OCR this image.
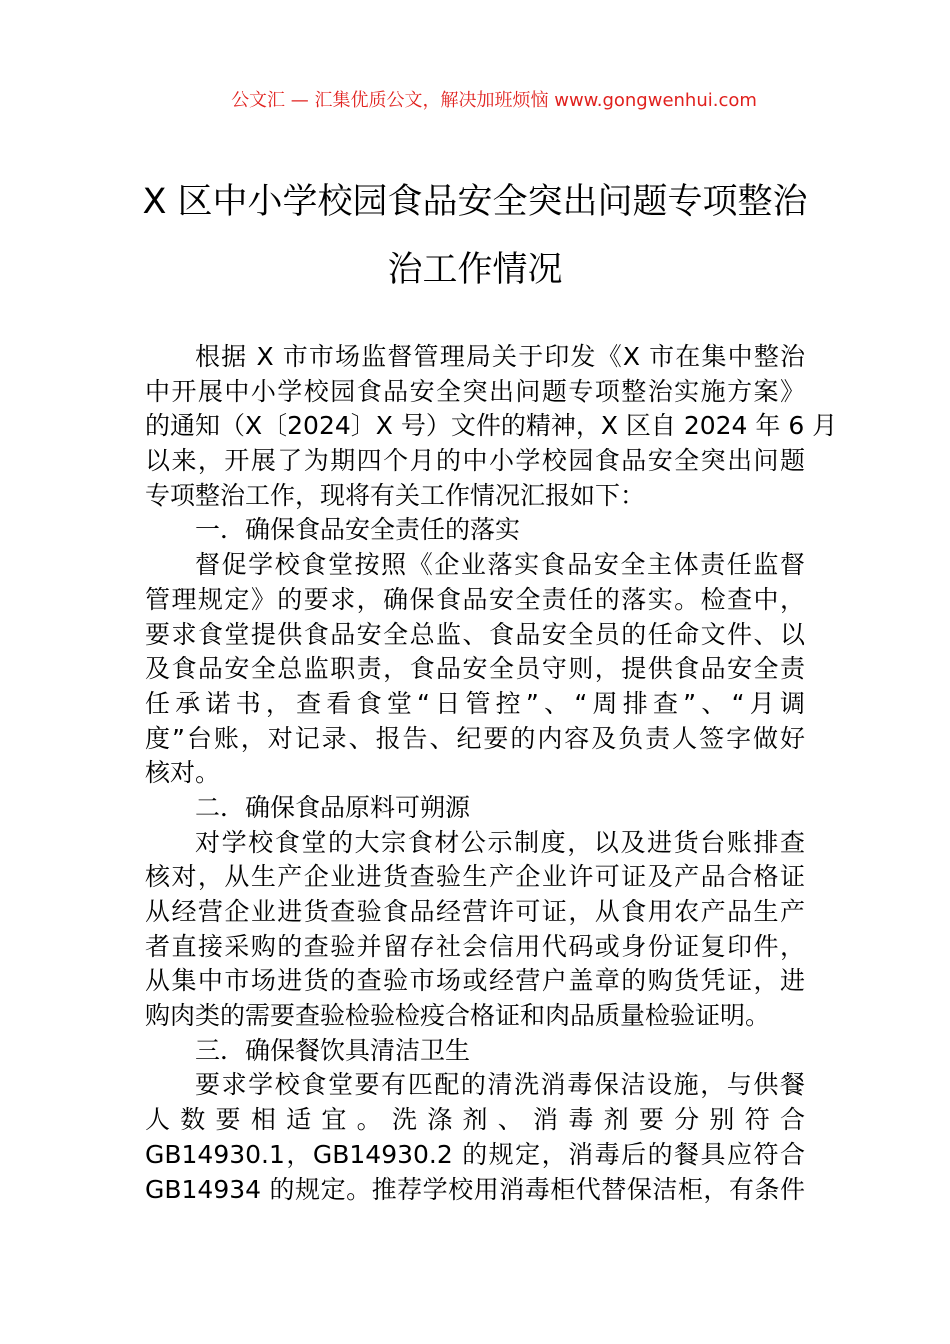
公文汇 — 汇集优质公文，解决加班烦恼 www.gongwenhui.com
X 区中小学校园食品安全突出问题专项整治
治工作情况
根据 X 市市场监督管理局关于印发《X 市在集中整治
中开展中小学校园食品安全突出问题专项整治实施方案》
的通知（X〔2024〕X 号）文件的精神，X 区自 2024 年 6 月
以来，开展了为期四个月的中小学校园食品安全突出问题
专项整治工作，现将有关工作情况汇报如下：
一．确保食品安全责任的落实
督促学校食堂按照《企业落实食品安全主体责任监督
管理规定》的要求，确保食品安全责任的落实。检查中，
要求食堂提供食品安全总监、食品安全员的任命文件、以
及食品安全总监职责，食品安全员守则，提供食品安全责
任承诺书，查看食堂“日管控”、“周排查”、“月调
度”台账，对记录、报告、纪要的内容及负责人签字做好
核对。
二．确保食品原料可朔源
对学校食堂的大宗食材公示制度，以及进货台账排查
核对，从生产企业进货查验生产企业许可证及产品合格证
从经营企业进货查验食品经营许可证，从食用农产品生产
者直接采购的查验并留存社会信用代码或身份证复印件，
从集中市场进货的查验市场或经营户盖章的购货凭证，进
购肉类的需要查验检验检疫合格证和肉品质量检验证明。
三．确保餐饮具清洁卫生
要求学校食堂要有匹配的清洗消毒保洁设施，与供餐
人数要相适宜。洗涤剂、消毒剂要分别符合
GB14930.1，GB14930.2 的规定，消毒后的餐具应符合
GB14934 的规定。推荐学校用消毒柜代替保洁柜，有条件
